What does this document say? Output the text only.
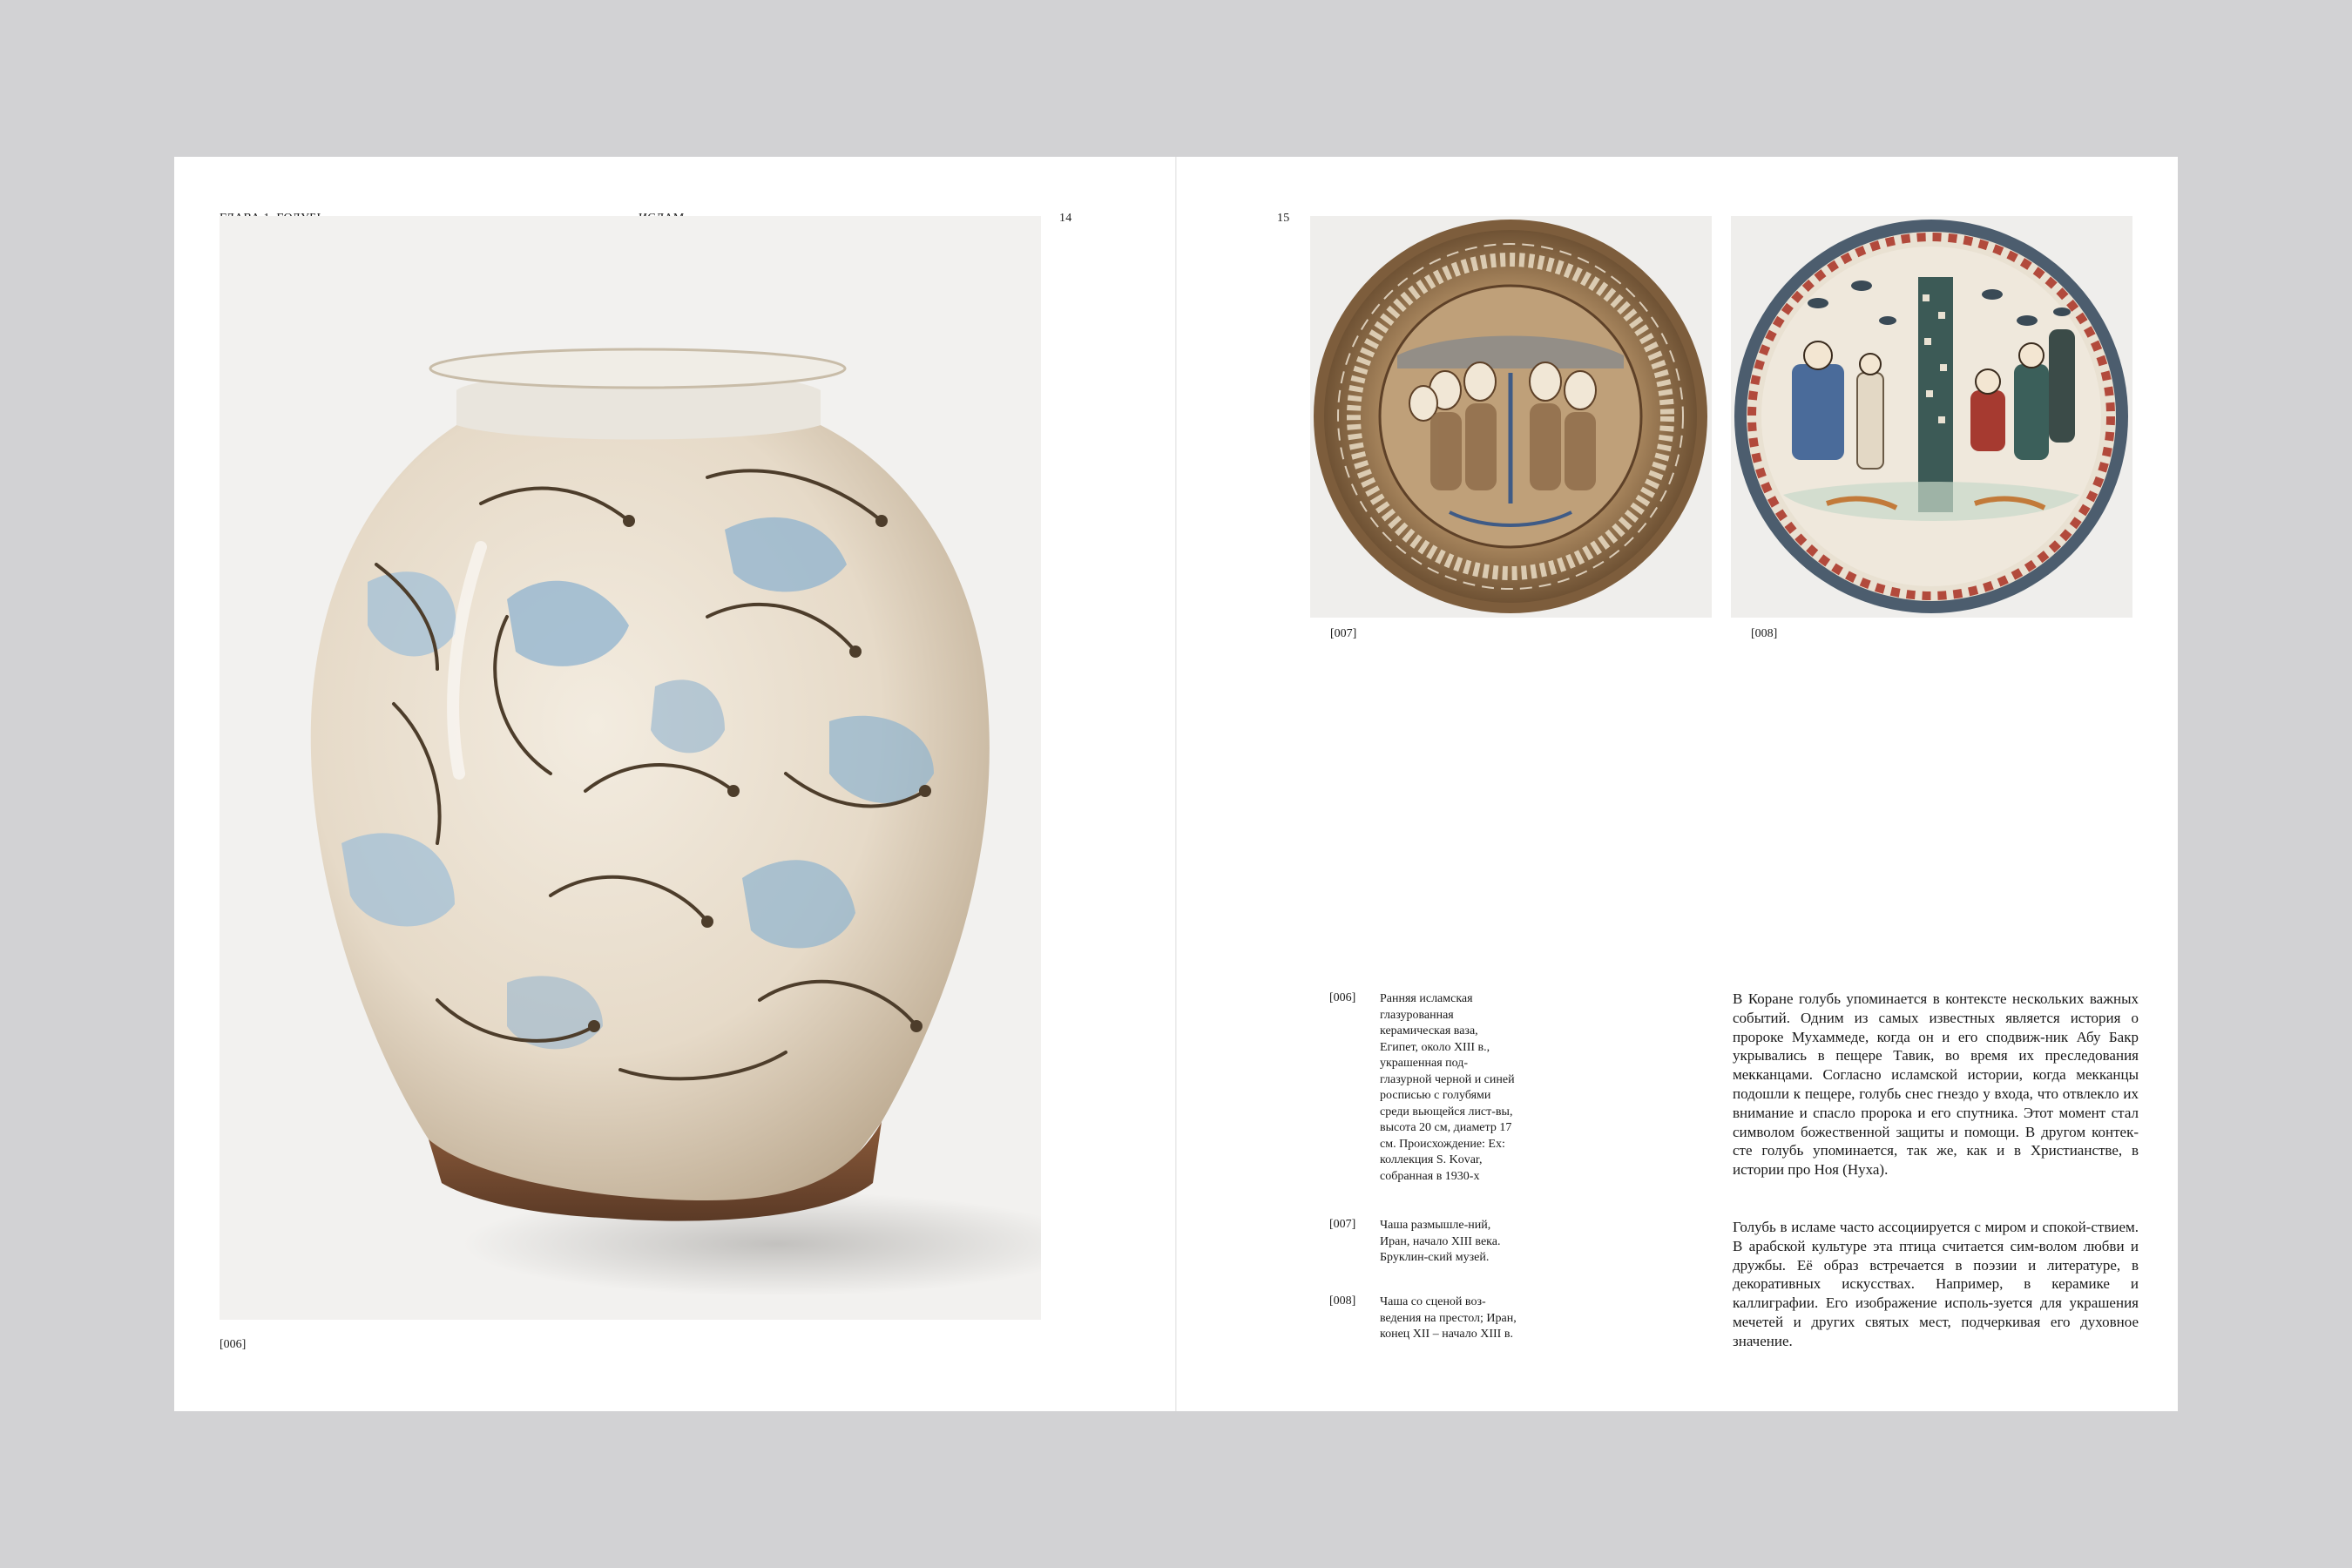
14
[006]
15
[007]	[008]
[006] Ранняя исламская глазурованная керамическая ваза, Египет, около XIII в., украшенная под-глазурной черной и синей росписью с голубями среди вьющейся лист-вы, высота 20 см, диаметр 17 см. Происхождение: Ex: коллекция S. Kovar, собранная в 1930-х
[007] Чаша размышле-ний, Иран, начало XIII века. Бруклин-ский музей.
[008] Чаша со сценой воз-ведения на престол; Иран, конец XII – начало XIII в.
В Коране голубь упоминается в контексте нескольких важных событий. Одним из самых известных является история о пророке Мухаммеде, когда он и его сподвиж-ник Абу Бакр укрывались в пещере Тавик, во время их преследования мекканцами. Согласно исламской истории, когда мекканцы подошли к пещере, голубь снес гнездо у входа, что отвлекло их внимание и спасло пророка и его спутника. Этот момент стал символом божественной защиты и помощи. В другом контек-сте голубь упоминается, так же, как и в Христианстве, в истории про Ноя (Нуха).
Голубь в исламе часто ассоциируется с миром и спокой-ствием. В арабской культуре эта птица считается сим-волом любви и дружбы. Её образ встречается в поэзии и литературе, в декоративных искусствах. Например, в керамике и каллиграфии. Его изображение исполь-зуется для украшения мечетей и других святых мест, подчеркивая его духовное значение.
